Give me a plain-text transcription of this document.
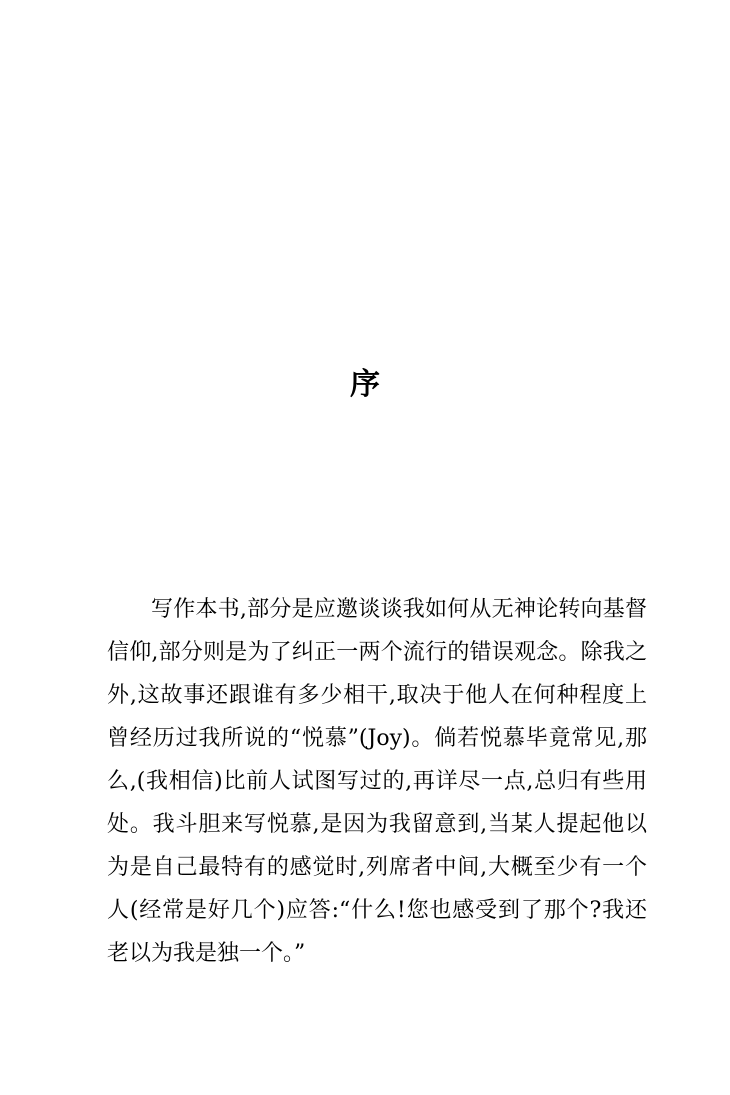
序

写作本书,部分是应邀谈谈我如何从无神论转向基督信仰,部分则是为了纠正一两个流行的错误观念。除我之外,这故事还跟谁有多少相干,取决于他人在何种程度上曾经历过我所说的“悦慕”(Joy)。倘若悦慕毕竟常见,那么,(我相信)比前人试图写过的,再详尽一点,总归有些用处。我斗胆来写悦慕,是因为我留意到,当某人提起他以为是自己最特有的感觉时,列席者中间,大概至少有一个人(经常是好几个)应答:“什么!您也感受到了那个?我还老以为我是独一个。”
